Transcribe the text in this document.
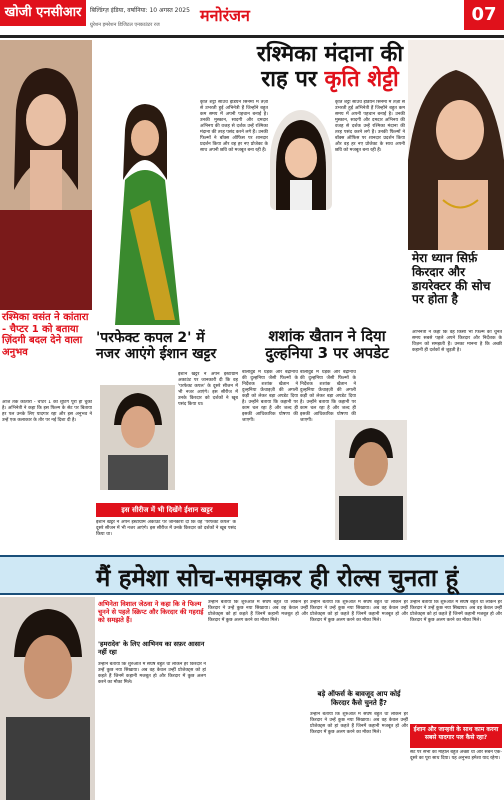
खोजी एनसीआर	बिल्डिंग्ज़ इंडिया, वर्षानिया: 10 अगस्त 2025
ग्रुरेशन इमरेशन डिजिटल एनकाउंटर रज	मनोरंजन	07
रश्मिका वसंत ने कांतारा - चैप्टर 1 को बताया ज़िंदगी बदल देने वाला अनुभव

आज तक कांतारा - चैप्टर 1 की शूटिंग पूरी हो चुकी है। अभिनेत्री ने कहा कि इस फिल्म के सेट पर बिताया हर पल उनके लिए यादगार रहा और इस अनुभव ने उन्हें एक कलाकार के तौर पर नई दिशा दी है।

रश्मिका मंदाना की
राह पर कृति शेट्टी

कृति शेट्टी साउथ इंडियन सिनेमा में तेज़ी से उभरती हुई अभिनेत्री हैं जिन्होंने बहुत कम समय में अपनी पहचान बनाई है। उनकी मुस्कान, सादगी और दमदार अभिनय की वजह से दर्शक उन्हें रश्मिका मंदाना की तरह पसंद करने लगे हैं। उनकी फिल्मों ने बॉक्स ऑफिस पर शानदार प्रदर्शन किया और वह हर नए प्रोजेक्ट के साथ अपनी छवि को मजबूत बना रही हैं।

कृति शेट्टी साउथ इंडियन सिनेमा में तेज़ी से उभरती हुई अभिनेत्री हैं जिन्होंने बहुत कम समय में अपनी पहचान बनाई है। उनकी मुस्कान, सादगी और दमदार अभिनय की वजह से दर्शक उन्हें रश्मिका मंदाना की तरह पसंद करने लगे हैं। उनकी फिल्मों ने बॉक्स ऑफिस पर शानदार प्रदर्शन किया और वह हर नए प्रोजेक्ट के साथ अपनी छवि को मजबूत बना रही हैं।

मेरा ध्यान सिर्फ़ किरदार और डायरेक्टर की सोच पर होता है

अभिनेत्री ने कहा कि वह किसी भी फिल्म को चुनते समय सबसे पहले अपने किरदार और निर्देशक के विज़न को समझती हैं। उनका मानना है कि अच्छी कहानी ही दर्शकों से जुड़ती है।

'परफेक्ट कपल 2' में
नजर आएंगे ईशान खट्टर

ईशान खट्टर ने अपने इंस्टाग्राम अकाउंट पर जानकारी दी कि वह 'परफेक्ट कपल' के दूसरे सीजन में भी नजर आएंगे। इस सीरीज में उनके किरदार को दर्शकों ने खूब पसंद किया था।

ईशान खट्टर ने अपने इंस्टाग्राम अकाउंट पर जानकारी दी कि वह 'परफेक्ट कपल' के दूसरे सीजन में भी नजर आएंगे। इस सीरीज में उनके किरदार को दर्शकों ने खूब पसंद किया था।

इस सीरीज में भी दिखेंगे ईशान खट्टर
शशांक खैतान ने दिया
दुल्हनिया 3 पर अपडेट

बॉलीवुड में धड़क और बद्रीनाथ की दुल्हनिया जैसी फिल्मों के निर्देशक शशांक खैतान ने दुल्हनिया फ्रेंचाइज़ी की अगली कड़ी को लेकर बड़ा अपडेट दिया है। उन्होंने बताया कि कहानी पर काम चल रहा है और जल्द ही इसकी आधिकारिक घोषणा की जाएगी।

बॉलीवुड में धड़क और बद्रीनाथ की दुल्हनिया जैसी फिल्मों के निर्देशक शशांक खैतान ने दुल्हनिया फ्रेंचाइज़ी की अगली कड़ी को लेकर बड़ा अपडेट दिया है। उन्होंने बताया कि कहानी पर काम चल रहा है और जल्द ही इसकी आधिकारिक घोषणा की जाएगी।

मैं हमेशा सोच-समझकर ही रोल्स चुनता हूं
अभिनेता विशाल जेठवा ने कहा कि वे फिल्म चुनने से पहले स्क्रिप्ट और किरदार की गहराई को समझते हैं।
'हमरादेव' के लिए आभिनय का सफ़र आसान नहीं रहा

उन्होंने बताया कि शुरुआत में संघर्ष बहुत था लेकिन हर किरदार ने उन्हें कुछ नया सिखाया। अब वह केवल उन्हीं प्रोजेक्ट्स को हां कहते हैं जिनमें कहानी मजबूत हो और किरदार में कुछ अलग करने का मौका मिले।

उन्होंने बताया कि शुरुआत में संघर्ष बहुत था लेकिन हर किरदार ने उन्हें कुछ नया सिखाया। अब वह केवल उन्हीं प्रोजेक्ट्स को हां कहते हैं जिनमें कहानी मजबूत हो और किरदार में कुछ अलग करने का मौका मिले।

बड़े ऑफर्स के बावजूद आप कोई किरदार कैसे चुनते हैं?

उन्होंने बताया कि शुरुआत में संघर्ष बहुत था लेकिन हर किरदार ने उन्हें कुछ नया सिखाया। अब वह केवल उन्हीं प्रोजेक्ट्स को हां कहते हैं जिनमें कहानी मजबूत हो और किरदार में कुछ अलग करने का मौका मिले।

उन्होंने बताया कि शुरुआत में संघर्ष बहुत था लेकिन हर किरदार ने उन्हें कुछ नया सिखाया। अब वह केवल उन्हीं प्रोजेक्ट्स को हां कहते हैं जिनमें कहानी मजबूत हो और किरदार में कुछ अलग करने का मौका मिले।

उन्होंने बताया कि शुरुआत में संघर्ष बहुत था लेकिन हर किरदार ने उन्हें कुछ नया सिखाया। अब वह केवल उन्हीं प्रोजेक्ट्स को हां कहते हैं जिनमें कहानी मजबूत हो और किरदार में कुछ अलग करने का मौका मिले।

ईशान और जान्हवी के साथ काम करना सबसे यादगार पल कैसे रहा?

सेट पर सभी का माहौल बहुत अच्छा था और सबने एक-दूसरे का पूरा साथ दिया। यह अनुभव हमेशा याद रहेगा।
